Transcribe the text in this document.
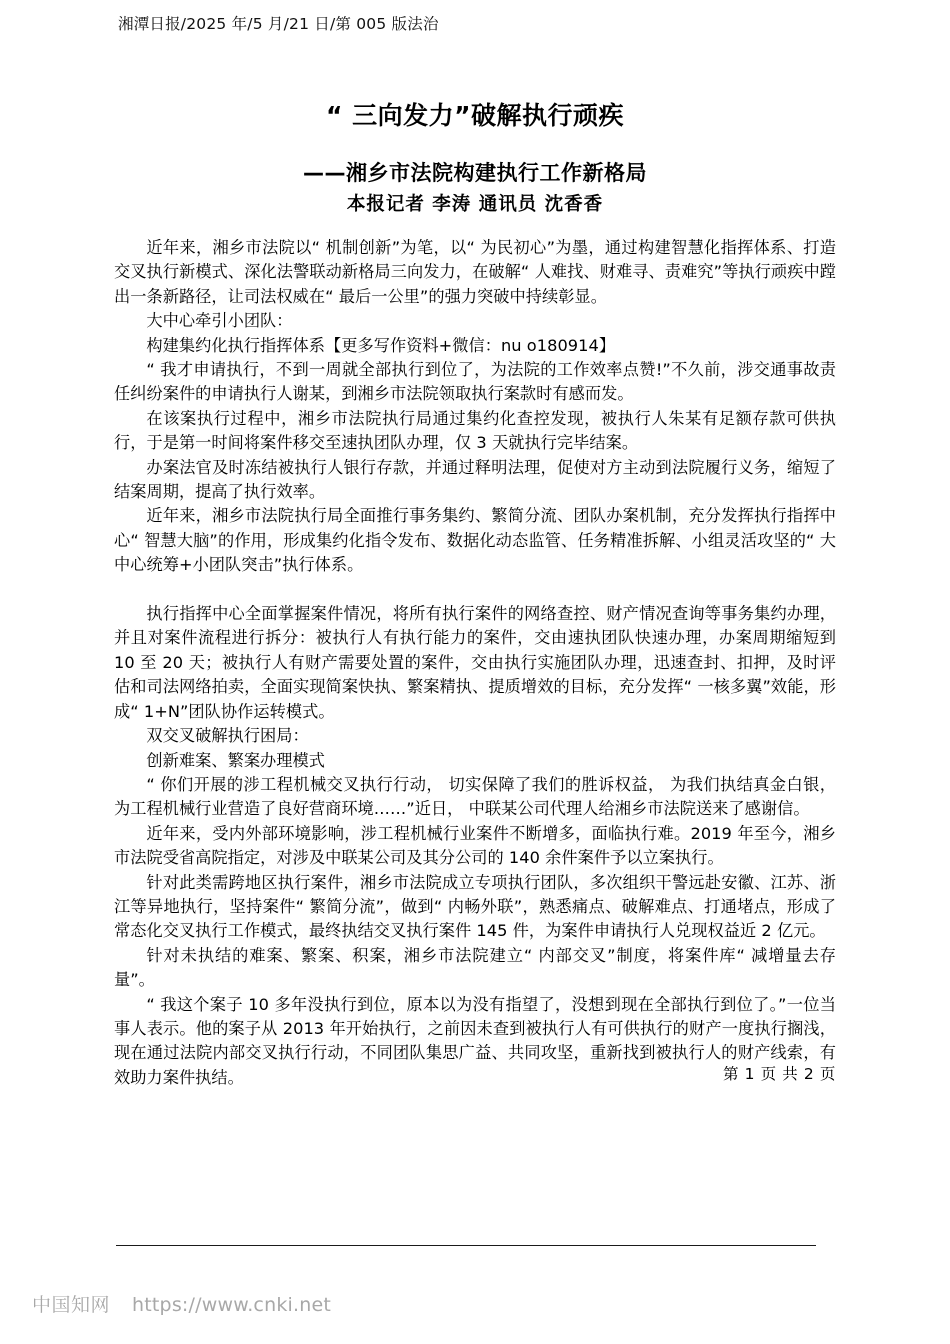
湘潭日报/2025 年/5 月/21 日/第 005 版法治
“ 三向发力”破解执行顽疾
——湘乡市法院构建执行工作新格局
本报记者 李涛 通讯员 沈香香

近年来，湘乡市法院以“ 机制创新”为笔，以“ 为民初心”为墨，通过构建智慧化指挥体系、打造交叉执行新模式、深化法警联动新格局三向发力，在破解“ 人难找、财难寻、责难究”等执行顽疾中蹚出一条新路径，让司法权威在“ 最后一公里”的强力突破中持续彰显。

大中心牵引小团队：

构建集约化执行指挥体系【更多写作资料+微信：nu o180914】

“ 我才申请执行，不到一周就全部执行到位了，为法院的工作效率点赞!”不久前，涉交通事故责任纠纷案件的申请执行人谢某，到湘乡市法院领取执行案款时有感而发。

在该案执行过程中，湘乡市法院执行局通过集约化查控发现，被执行人朱某有足额存款可供执行，于是第一时间将案件移交至速执团队办理，仅 3 天就执行完毕结案。

办案法官及时冻结被执行人银行存款，并通过释明法理，促使对方主动到法院履行义务，缩短了结案周期，提高了执行效率。

近年来，湘乡市法院执行局全面推行事务集约、繁简分流、团队办案机制，充分发挥执行指挥中心“ 智慧大脑”的作用，形成集约化指令发布、数据化动态监管、任务精准拆解、小组灵活攻坚的“ 大中心统筹+小团队突击”执行体系。

执行指挥中心全面掌握案件情况，将所有执行案件的网络查控、财产情况查询等事务集约办理，并且对案件流程进行拆分：被执行人有执行能力的案件，交由速执团队快速办理，办案周期缩短到 10 至 20 天；被执行人有财产需要处置的案件，交由执行实施团队办理，迅速查封、扣押，及时评估和司法网络拍卖，全面实现简案快执、繁案精执、提质增效的目标，充分发挥“ 一核多翼”效能，形成“ 1+N”团队协作运转模式。

双交叉破解执行困局：

创新难案、繁案办理模式

“ 你们开展的涉工程机械交叉执行行动， 切实保障了我们的胜诉权益， 为我们执结真金白银，为工程机械行业营造了良好营商环境……”近日， 中联某公司代理人给湘乡市法院送来了感谢信。

近年来，受内外部环境影响，涉工程机械行业案件不断增多，面临执行难。2019 年至今，湘乡市法院受省高院指定，对涉及中联某公司及其分公司的 140 余件案件予以立案执行。

针对此类需跨地区执行案件，湘乡市法院成立专项执行团队，多次组织干警远赴安徽、江苏、浙江等异地执行，坚持案件“ 繁简分流”，做到“ 内畅外联”，熟悉痛点、破解难点、打通堵点，形成了常态化交叉执行工作模式，最终执结交叉执行案件 145 件，为案件申请执行人兑现权益近 2 亿元。

针对未执结的难案、繁案、积案，湘乡市法院建立“ 内部交叉”制度，将案件库“ 减增量去存量”。

“ 我这个案子 10 多年没执行到位，原本以为没有指望了，没想到现在全部执行到位了。”一位当事人表示。他的案子从 2013 年开始执行，之前因未查到被执行人有可供执行的财产一度执行搁浅，现在通过法院内部交叉执行行动，不同团队集思广益、共同攻坚，重新找到被执行人的财产线索，有效助力案件执结。	第 1 页 共 2 页
中国知网 https://www.cnki.net
